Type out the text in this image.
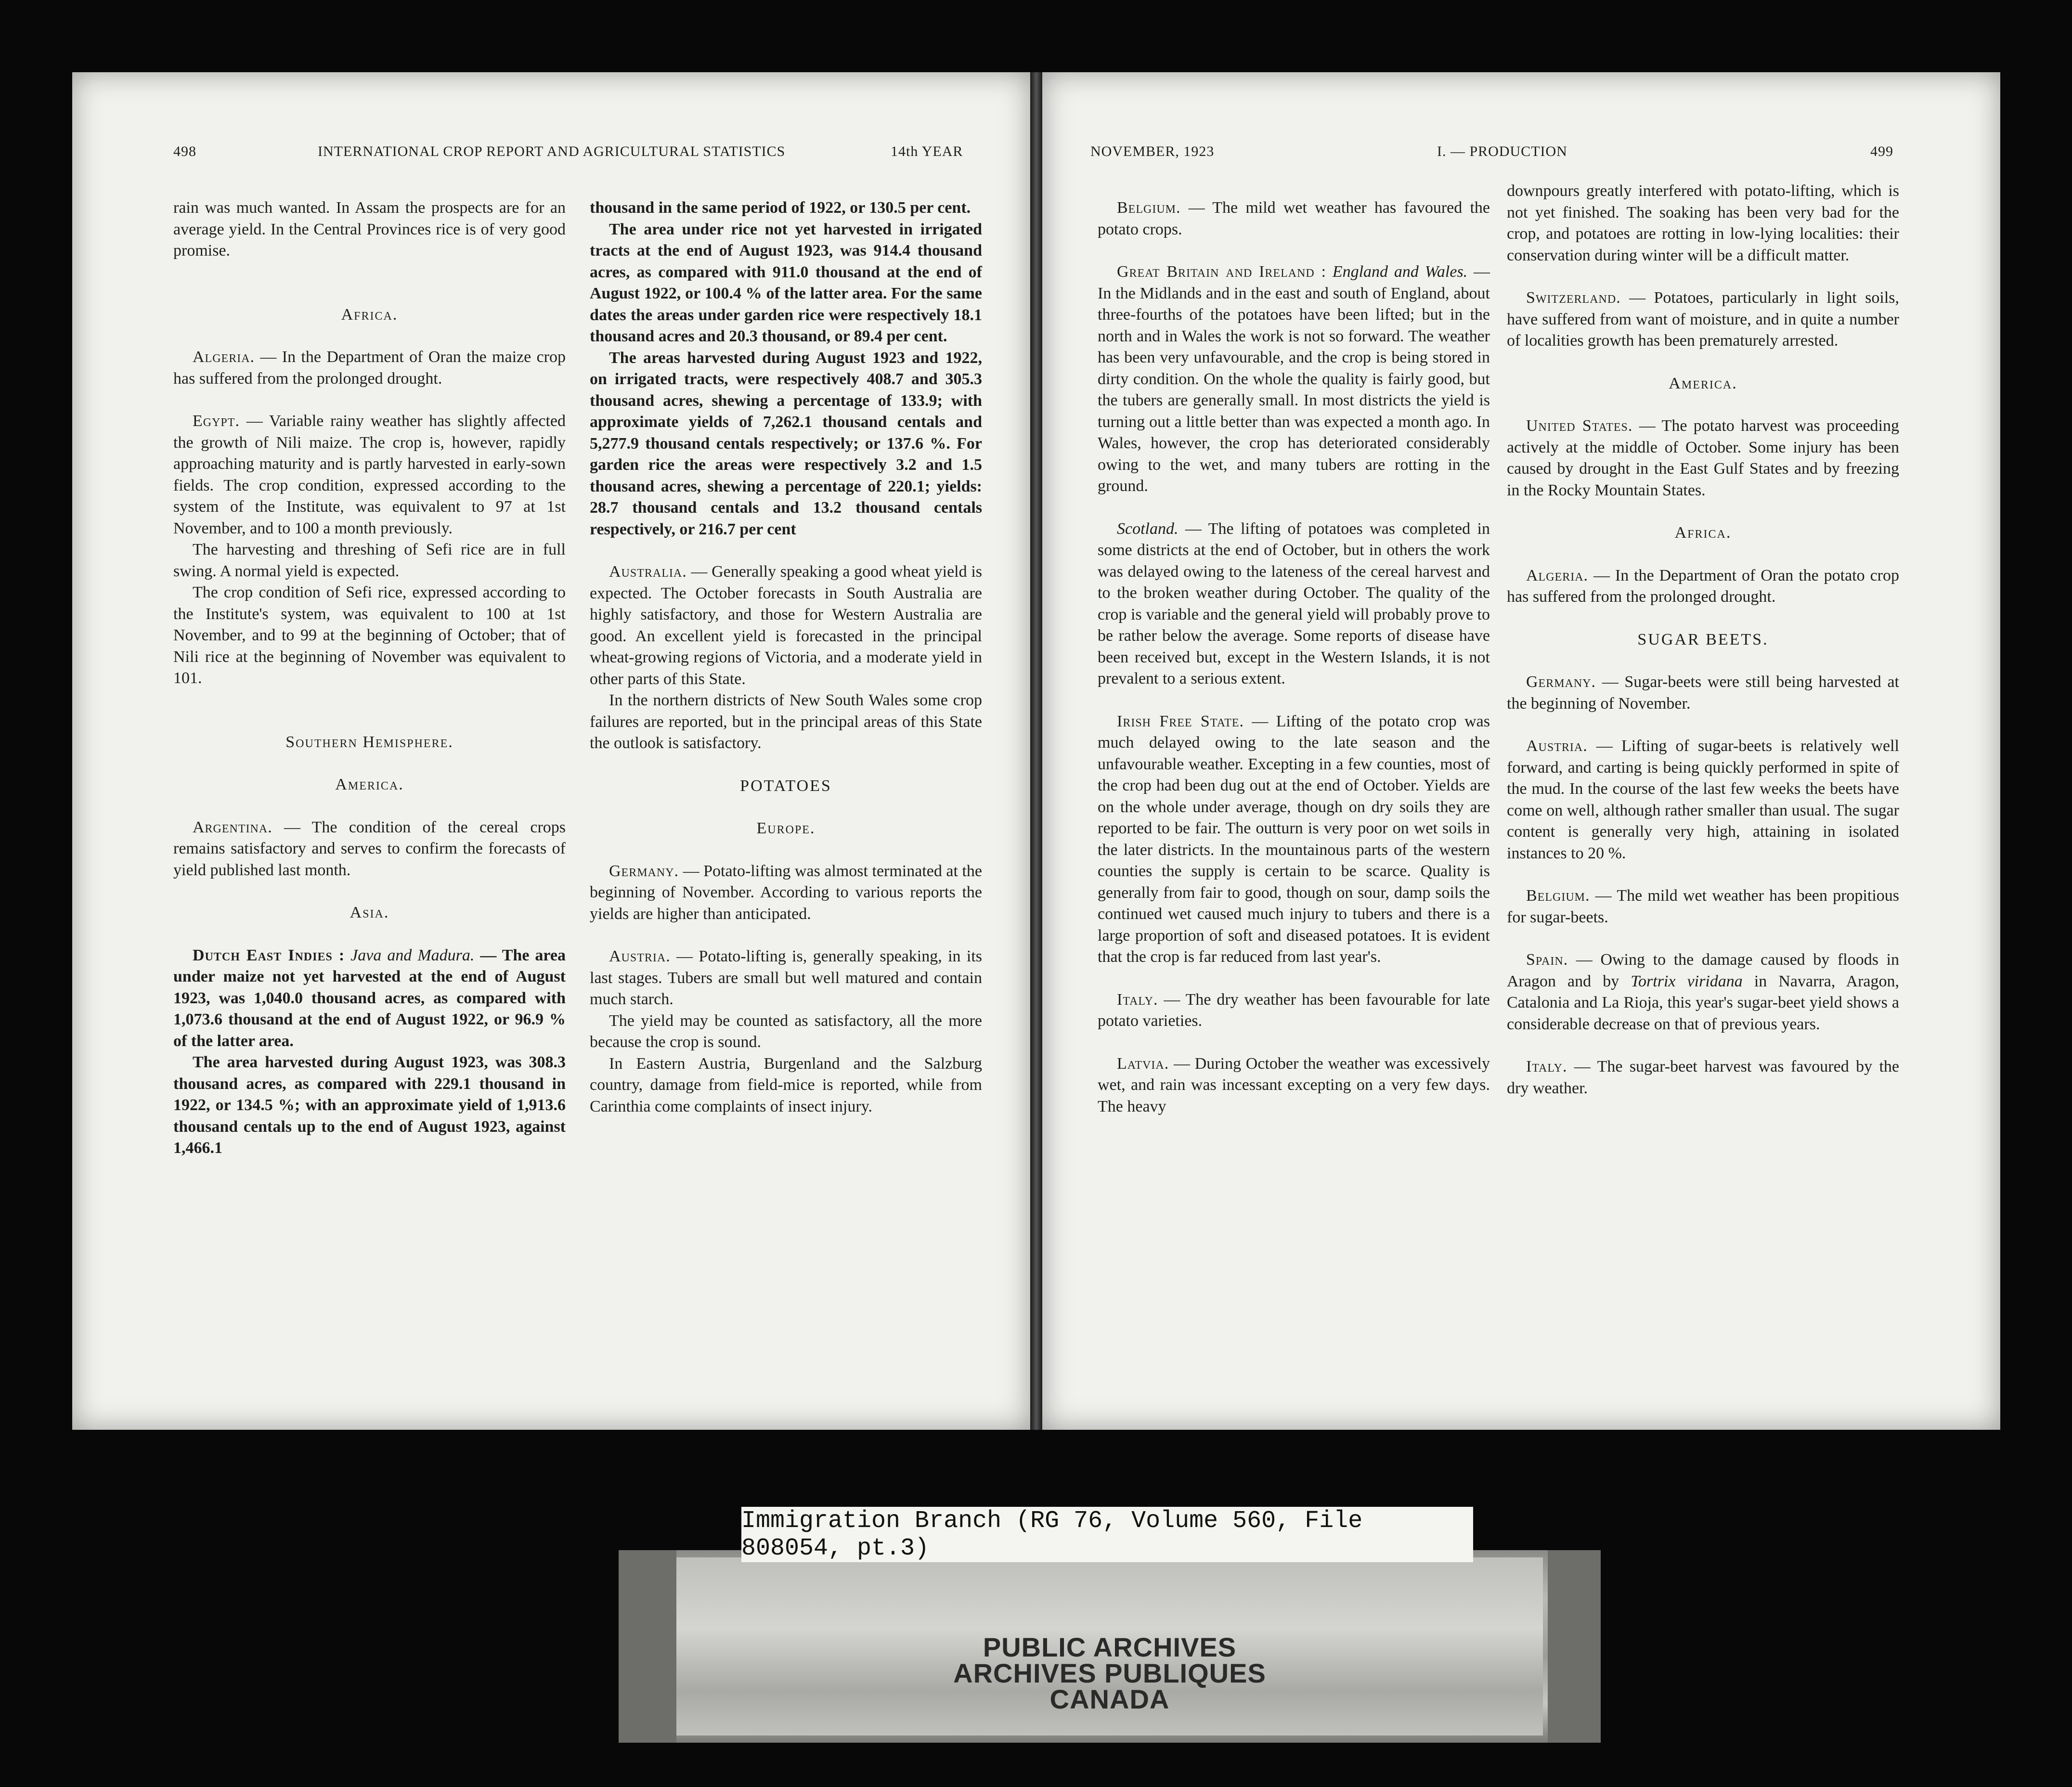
498	INTERNATIONAL CROP REPORT AND AGRICULTURAL STATISTICS	14th YEAR

rain was much wanted. In Assam the prospects are for an average yield. In the Central Provinces rice is of very good promise.

Africa.

Algeria. — In the Department of Oran the maize crop has suffered from the prolonged drought.

Egypt. — Variable rainy weather has slightly affected the growth of Nili maize. The crop is, however, rapidly approaching maturity and is partly harvested in early-sown fields. The crop condition, expressed according to the system of the Institute, was equivalent to 97 at 1st November, and to 100 a month previously.

The harvesting and threshing of Sefi rice are in full swing. A normal yield is expected.

The crop condition of Sefi rice, expressed according to the Institute's system, was equivalent to 100 at 1st November, and to 99 at the beginning of October; that of Nili rice at the beginning of November was equivalent to 101.

Southern Hemisphere.

America.

Argentina. — The condition of the cereal crops remains satisfactory and serves to confirm the forecasts of yield published last month.

Asia.

Dutch East Indies : Java and Madura. — The area under maize not yet harvested at the end of August 1923, was 1,040.0 thousand acres, as compared with 1,073.6 thousand at the end of August 1922, or 96.9 % of the latter area.

The area harvested during August 1923, was 308.3 thousand acres, as compared with 229.1 thousand in 1922, or 134.5 %; with an approximate yield of 1,913.6 thousand centals up to the end of August 1923, against 1,466.1

thousand in the same period of 1922, or 130.5 per cent.

The area under rice not yet harvested in irrigated tracts at the end of August 1923, was 914.4 thousand acres, as compared with 911.0 thousand at the end of August 1922, or 100.4 % of the latter area. For the same dates the areas under garden rice were respectively 18.1 thousand acres and 20.3 thousand, or 89.4 per cent.

The areas harvested during August 1923 and 1922, on irrigated tracts, were respectively 408.7 and 305.3 thousand acres, shewing a percentage of 133.9; with approximate yields of 7,262.1 thousand centals and 5,277.9 thousand centals respectively; or 137.6 %. For garden rice the areas were respectively 3.2 and 1.5 thousand acres, shewing a percentage of 220.1; yields: 28.7 thousand centals and 13.2 thousand centals respectively, or 216.7 per cent

Australia. — Generally speaking a good wheat yield is expected. The October forecasts in South Australia are highly satisfactory, and those for Western Australia are good. An excellent yield is forecasted in the principal wheat-growing regions of Victoria, and a moderate yield in other parts of this State.

In the northern districts of New South Wales some crop failures are reported, but in the principal areas of this State the outlook is satisfactory.

POTATOES

Europe.

Germany. — Potato-lifting was almost terminated at the beginning of November. According to various reports the yields are higher than anticipated.

Austria. — Potato-lifting is, generally speaking, in its last stages. Tubers are small but well matured and contain much starch.

The yield may be counted as satisfactory, all the more because the crop is sound.

In Eastern Austria, Burgenland and the Salzburg country, damage from field-mice is reported, while from Carinthia come complaints of insect injury.

NOVEMBER, 1923	I. — PRODUCTION	499

Belgium. — The mild wet weather has favoured the potato crops.

Great Britain and Ireland : England and Wales. — In the Midlands and in the east and south of England, about three-fourths of the potatoes have been lifted; but in the north and in Wales the work is not so forward. The weather has been very unfavourable, and the crop is being stored in dirty condition. On the whole the quality is fairly good, but the tubers are generally small. In most districts the yield is turning out a little better than was expected a month ago. In Wales, however, the crop has deteriorated considerably owing to the wet, and many tubers are rotting in the ground.

Scotland. — The lifting of potatoes was completed in some districts at the end of October, but in others the work was delayed owing to the lateness of the cereal harvest and to the broken weather during October. The quality of the crop is variable and the general yield will probably prove to be rather below the average. Some reports of disease have been received but, except in the Western Islands, it is not prevalent to a serious extent.

Irish Free State. — Lifting of the potato crop was much delayed owing to the late season and the unfavourable weather. Excepting in a few counties, most of the crop had been dug out at the end of October. Yields are on the whole under average, though on dry soils they are reported to be fair. The outturn is very poor on wet soils in the later districts. In the mountainous parts of the western counties the supply is certain to be scarce. Quality is generally from fair to good, though on sour, damp soils the continued wet caused much injury to tubers and there is a large proportion of soft and diseased potatoes. It is evident that the crop is far reduced from last year's.

Italy. — The dry weather has been favourable for late potato varieties.

Latvia. — During October the weather was excessively wet, and rain was incessant excepting on a very few days. The heavy

downpours greatly interfered with potato-lifting, which is not yet finished. The soaking has been very bad for the crop, and potatoes are rotting in low-lying localities: their conservation during winter will be a difficult matter.

Switzerland. — Potatoes, particularly in light soils, have suffered from want of moisture, and in quite a number of localities growth has been prematurely arrested.

America.

United States. — The potato harvest was proceeding actively at the middle of October. Some injury has been caused by drought in the East Gulf States and by freezing in the Rocky Mountain States.

Africa.

Algeria. — In the Department of Oran the potato crop has suffered from the prolonged drought.

SUGAR BEETS.

Germany. — Sugar-beets were still being harvested at the beginning of November.

Austria. — Lifting of sugar-beets is relatively well forward, and carting is being quickly performed in spite of the mud. In the course of the last few weeks the beets have come on well, although rather smaller than usual. The sugar content is generally very high, attaining in isolated instances to 20 %.

Belgium. — The mild wet weather has been propitious for sugar-beets.

Spain. — Owing to the damage caused by floods in Aragon and by Tortrix viridana in Navarra, Aragon, Catalonia and La Rioja, this year's sugar-beet yield shows a considerable decrease on that of previous years.

Italy. — The sugar-beet harvest was favoured by the dry weather.

PUBLIC ARCHIVES
ARCHIVES PUBLIQUES
CANADA
Immigration Branch (RG 76, Volume 560, File 808054, pt.3)
